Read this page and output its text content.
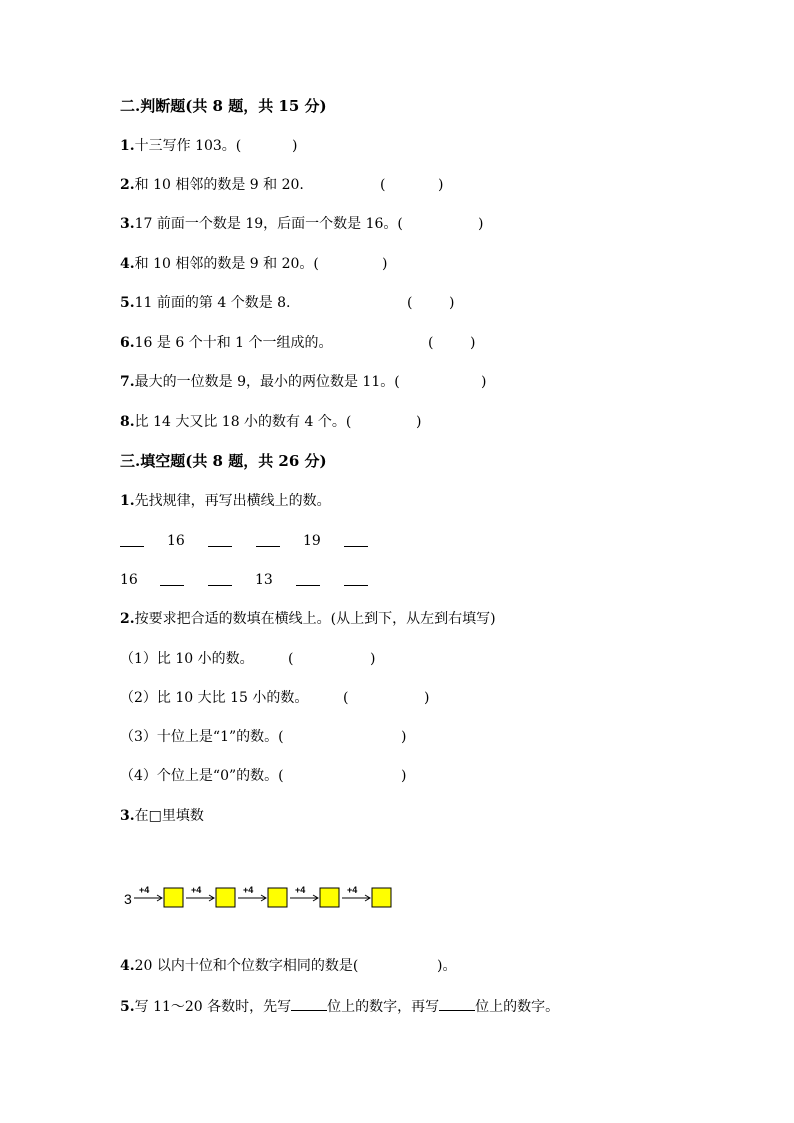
二.判断题(共 8 题，共 15 分)
1.十三写作 103。(	)
2.和 10 相邻的数是 9 和 20.	(	)
3.17 前面一个数是 19，后面一个数是 16。(	)
4.和 10 相邻的数是 9 和 20。(	)
5.11 前面的第 4 个数是 8.	(	)
6.16 是 6 个十和 1 个一组成的。	(	)
7.最大的一位数是 9，最小的两位数是 11。(	)
8.比 14 大又比 18 小的数有 4 个。(	)
三.填空题(共 8 题，共 26 分)
1.先找规律，再写出横线上的数。
16	19
16	13
2.按要求把合适的数填在横线上。(从上到下，从左到右填写)
（1）比 10 小的数。 (	)
（2）比 10 大比 15 小的数。 (	)
（3）十位上是“1”的数。(	)
（4）个位上是“0”的数。(	)
3.在□里填数
3
+4	+4	+4	+4	+4
4.20 以内十位和个位数字相同的数是(	)。
5.写 11～20 各数时，先写	位上的数字，再写	位上的数字。
